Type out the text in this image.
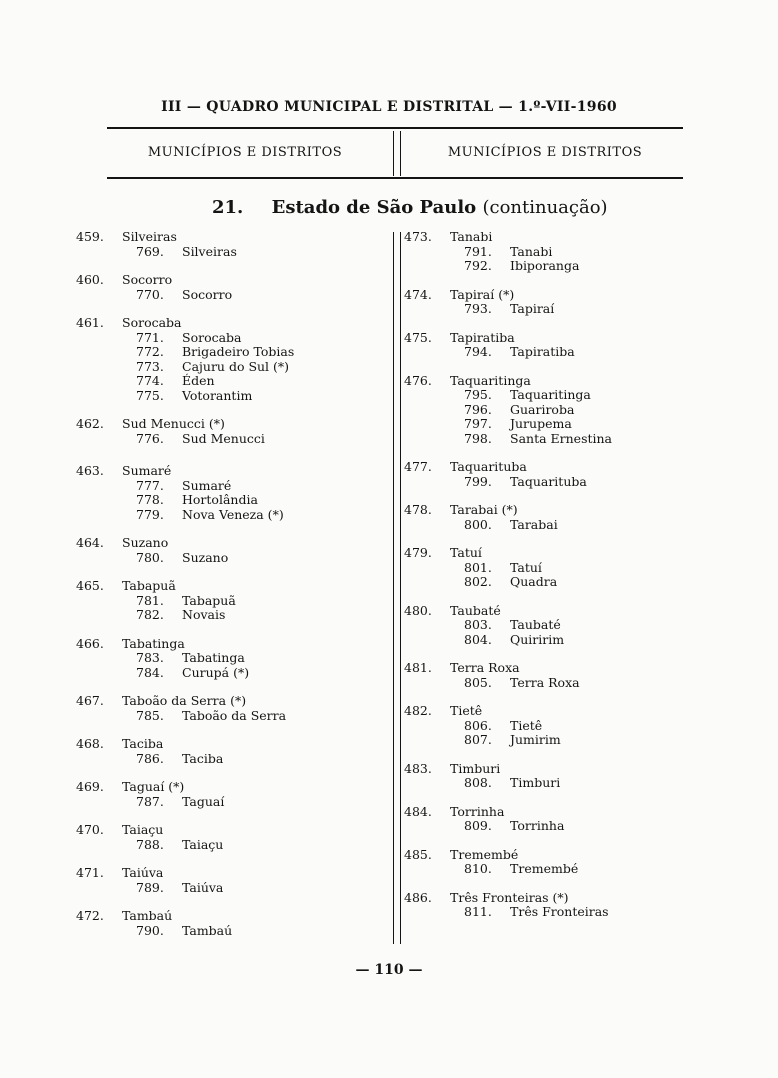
III — QUADRO MUNICIPAL E DISTRITAL — 1.º-VII-1960
MUNICÍPIOS E DISTRITOS	MUNICÍPIOS E DISTRITOS
21. Estado de São Paulo (continuação)
459. Silveiras
769. Silveiras
460. Socorro
770. Socorro
461. Sorocaba
771. Sorocaba
772. Brigadeiro Tobias
773. Cajuru do Sul (*)
774. Éden
775. Votorantim
462. Sud Menucci (*)
776. Sud Menucci
463. Sumaré
777. Sumaré
778. Hortolândia
779. Nova Veneza (*)
464. Suzano
780. Suzano
465. Tabapuã
781. Tabapuã
782. Novais
466. Tabatinga
783. Tabatinga
784. Curupá (*)
467. Taboão da Serra (*)
785. Taboão da Serra
468. Taciba
786. Taciba
469. Taguaí (*)
787. Taguaí
470. Taiaçu
788. Taiaçu
471. Taiúva
789. Taiúva
472. Tambaú
790. Tambaú
473. Tanabi
791. Tanabi
792. Ibiporanga
474. Tapiraí (*)
793. Tapiraí
475. Tapiratiba
794. Tapiratiba
476. Taquaritinga
795. Taquaritinga
796. Guariroba
797. Jurupema
798. Santa Ernestina
477. Taquarituba
799. Taquarituba
478. Tarabai (*)
800. Tarabai
479. Tatuí
801. Tatuí
802. Quadra
480. Taubaté
803. Taubaté
804. Quiririm
481. Terra Roxa
805. Terra Roxa
482. Tietê
806. Tietê
807. Jumirim
483. Timburi
808. Timburi
484. Torrinha
809. Torrinha
485. Tremembé
810. Tremembé
486. Três Fronteiras (*)
811. Três Fronteiras
— 110 —
